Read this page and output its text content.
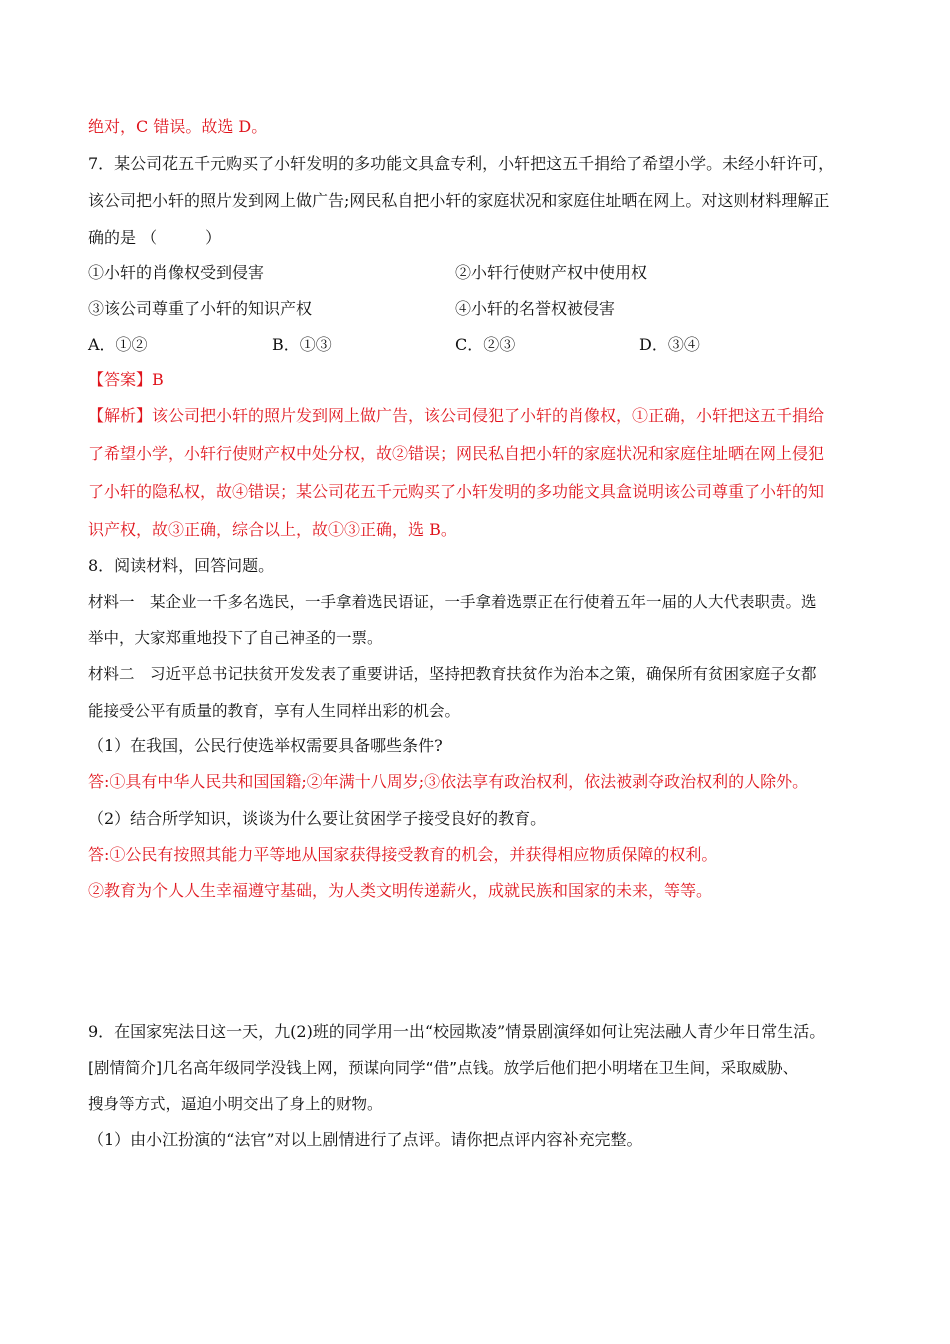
绝对，C 错误。故选 D。
7．某公司花五千元购买了小轩发明的多功能文具盒专利，小轩把这五千捐给了希望小学。未经小轩许可，
该公司把小轩的照片发到网上做广告;网民私自把小轩的家庭状况和家庭住址晒在网上。对这则材料理解正
确的是 （　　　）
①小轩的肖像权受到侵害	②小轩行使财产权中使用权
③该公司尊重了小轩的知识产权	④小轩的名誉权被侵害
A．①②	B．①③	C．②③	D．③④
【答案】B
【解析】该公司把小轩的照片发到网上做广告，该公司侵犯了小轩的肖像权，①正确，小轩把这五千捐给
了希望小学，小轩行使财产权中处分权，故②错误；网民私自把小轩的家庭状况和家庭住址晒在网上侵犯
了小轩的隐私权，故④错误；某公司花五千元购买了小轩发明的多功能文具盒说明该公司尊重了小轩的知
识产权，故③正确，综合以上，故①③正确，选 B。
8．阅读材料，回答问题。
材料一　某企业一千多名选民，一手拿着选民语证，一手拿着选票正在行使着五年一届的人大代表职责。选
举中，大家郑重地投下了自己神圣的一票。
材料二　习近平总书记扶贫开发发表了重要讲话，坚持把教育扶贫作为治本之策，确保所有贫困家庭子女都
能接受公平有质量的教育，享有人生同样出彩的机会。
（1）在我国，公民行使选举权需要具备哪些条件?
答:①具有中华人民共和国国籍;②年满十八周岁;③依法享有政治权利，依法被剥夺政治权利的人除外。
（2）结合所学知识，谈谈为什么要让贫困学子接受良好的教育。
答:①公民有按照其能力平等地从国家获得接受教育的机会，并获得相应物质保障的权利。
②教育为个人人生幸福遵守基础，为人类文明传递薪火，成就民族和国家的未来，等等。
9．在国家宪法日这一天，九(2)班的同学用一出“校园欺凌”情景剧演绎如何让宪法融人青少年日常生活。
[剧情简介]几名高年级同学没钱上网，预谋向同学“借”点钱。放学后他们把小明堵在卫生间，采取威胁、
搜身等方式，逼迫小明交出了身上的财物。
（1）由小江扮演的“法官”对以上剧情进行了点评。请你把点评内容补充完整。
